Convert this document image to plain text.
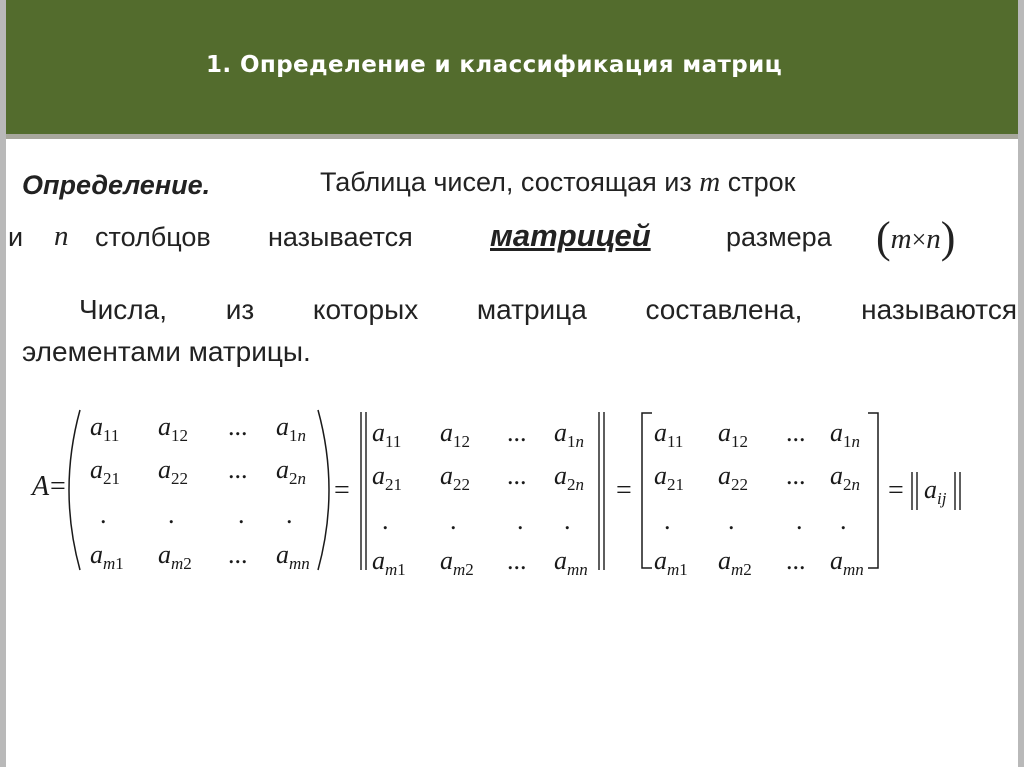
1. Определение и классификация матриц
Определение.	Таблица чисел, состоящая из m строк
и n столбцов называется матрицей	размера (m×n)
Числа, из которых матрица составлена, называются
элементами матрицы.
A =	=	=	=
$a_{11}$ $a_{12}$ ... $a_{1n}$
$a_{21}$ $a_{22}$ ... $a_{2n}$
. . . .
$a_{m1}$ $a_{m2}$ ... $a_{mn}$
$a_{11}$ $a_{12}$ ... $a_{1n}$
$a_{21}$ $a_{22}$ ... $a_{2n}$
. . . .
$a_{m1}$ $a_{m2}$ ... $a_{mn}$
$a_{11}$ $a_{12}$ ... $a_{1n}$
$a_{21}$ $a_{22}$ ... $a_{2n}$
. . . .
$a_{m1}$ $a_{m2}$ ... $a_{mn}$
$a_{ij}$
